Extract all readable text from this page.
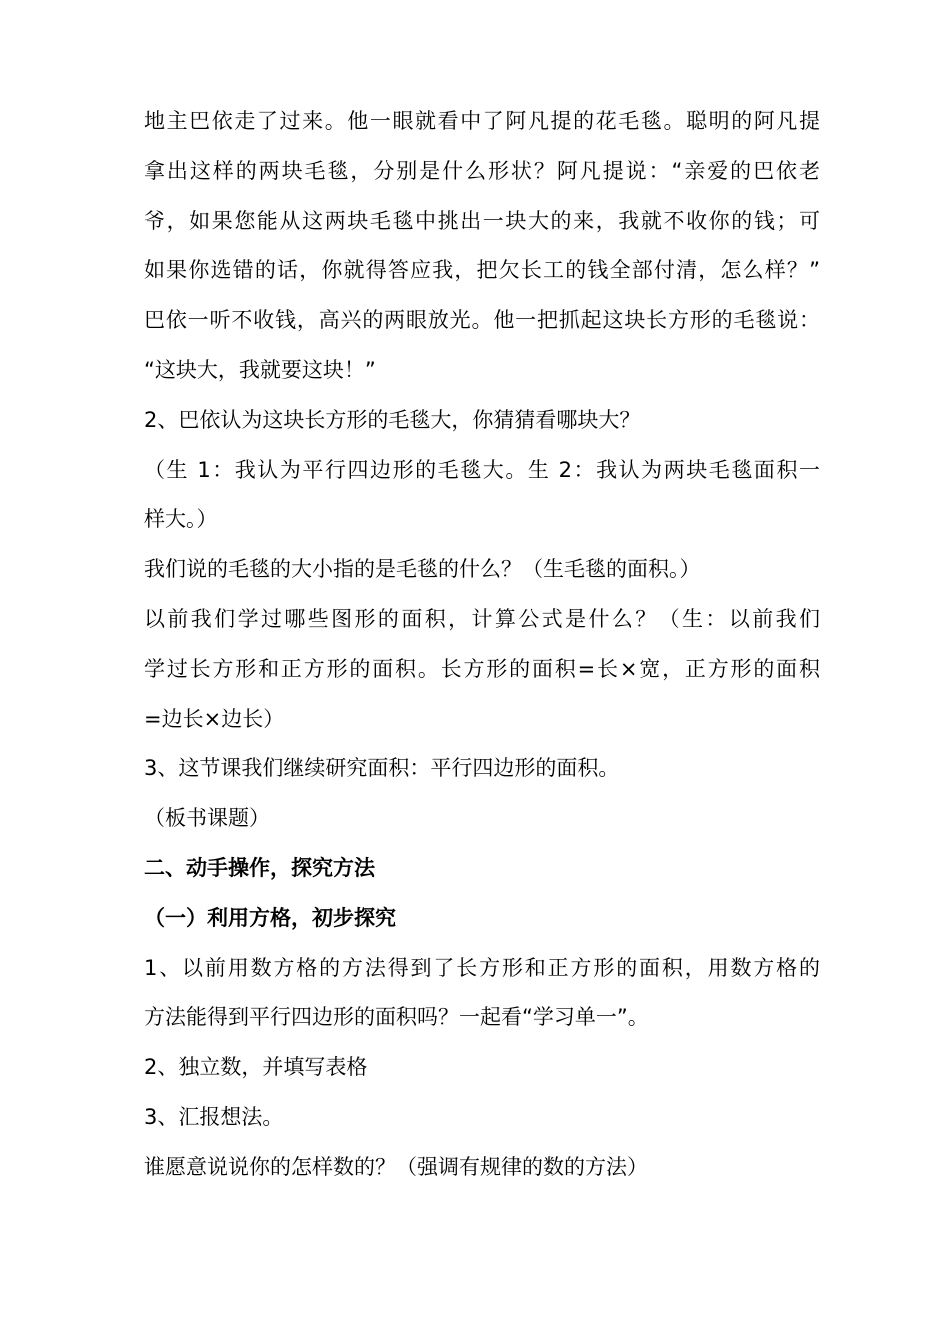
地主巴依走了过来。他一眼就看中了阿凡提的花毛毯。聪明的阿凡提
拿出这样的两块毛毯，分别是什么形状？阿凡提说：“亲爱的巴依老
爷，如果您能从这两块毛毯中挑出一块大的来，我就不收你的钱；可
如果你选错的话，你就得答应我，把欠长工的钱全部付清，怎么样？”
巴依一听不收钱，高兴的两眼放光。他一把抓起这块长方形的毛毯说：
“这块大，我就要这块！”
2、巴依认为这块长方形的毛毯大，你猜猜看哪块大？
（生 1：我认为平行四边形的毛毯大。生 2：我认为两块毛毯面积一
样大。）
我们说的毛毯的大小指的是毛毯的什么？（生毛毯的面积。）
以前我们学过哪些图形的面积，计算公式是什么？（生：以前我们
学过长方形和正方形的面积。长方形的面积=长×宽，正方形的面积
=边长×边长）
3、这节课我们继续研究面积：平行四边形的面积。
（板书课题）
二、动手操作，探究方法
（一）利用方格，初步探究
1、以前用数方格的方法得到了长方形和正方形的面积，用数方格的
方法能得到平行四边形的面积吗？一起看“学习单一”。
2、独立数，并填写表格
3、汇报想法。
谁愿意说说你的怎样数的？（强调有规律的数的方法）
